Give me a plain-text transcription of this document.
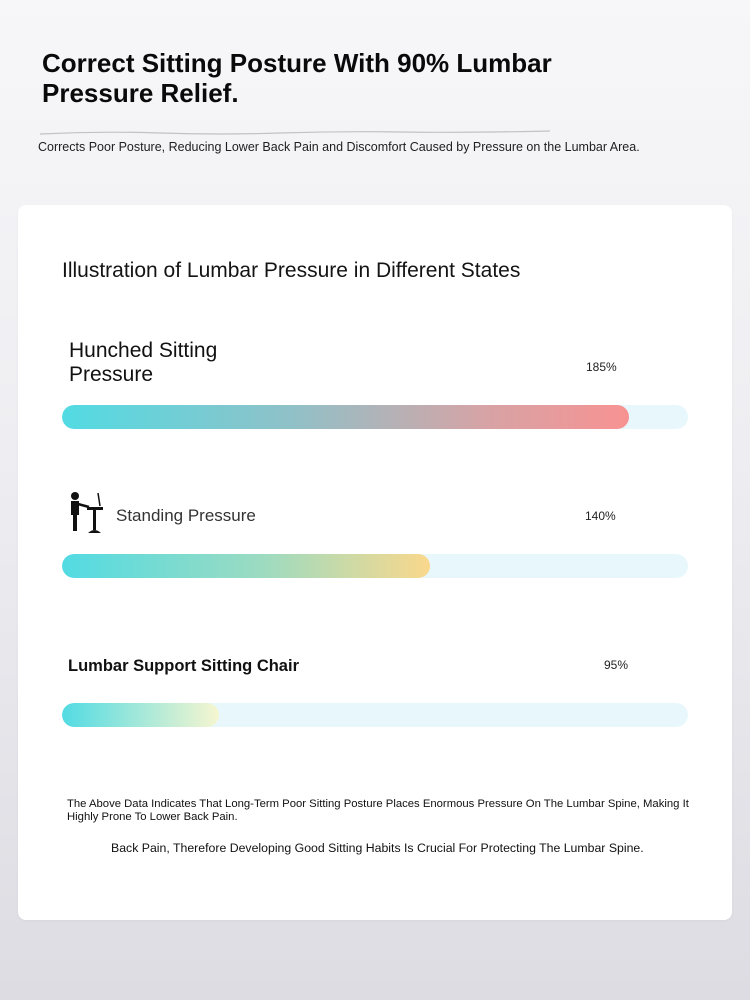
Correct Sitting Posture With 90% Lumbar Pressure Relief.

Corrects Poor Posture, Reducing Lower Back Pain and Discomfort Caused by Pressure on the Lumbar Area.

Illustration of Lumbar Pressure in Different States

Hunched Sitting Pressure	185%

Standing Pressure	140%

Lumbar Support Sitting Chair	95%

The Above Data Indicates That Long-Term Poor Sitting Posture Places Enormous Pressure On The Lumbar Spine, Making It Highly Prone To Lower Back Pain.

Back Pain, Therefore Developing Good Sitting Habits Is Crucial For Protecting The Lumbar Spine.
